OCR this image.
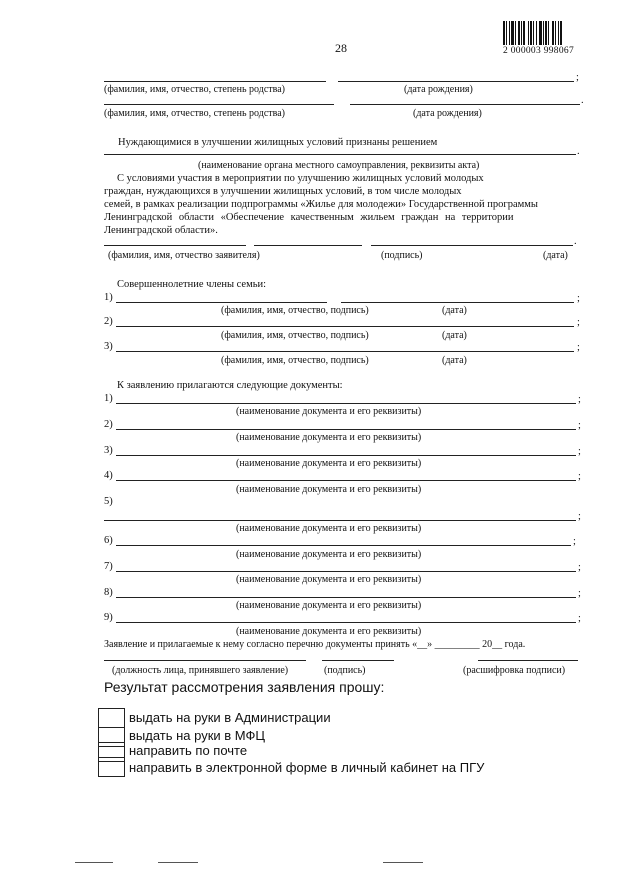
28	2 000003 998067
;
(фамилия, имя, отчество, степень родства)	(дата рождения)
.
(фамилия, имя, отчество, степень родства)	(дата рождения)
Нуждающимися в улучшении жилищных условий признаны решением
.
(наименование органа местного самоуправления, реквизиты акта)
С условиями участия в мероприятии по улучшению жилищных условий молодых
граждан, нуждающихся в улучшении жилищных условий, в том числе молодых
семей, в рамках реализации подпрограммы «Жилье для молодежи» Государственной программы
Ленинградской области «Обеспечение качественным жильем граждан на территории
Ленинградской области».
.
(фамилия, имя, отчество заявителя)	(подпись)	(дата)
Совершеннолетние члены семьи:
1)	;
(фамилия, имя, отчество, подпись)	(дата)
2)	;
(фамилия, имя, отчество, подпись)	(дата)
3)	;
(фамилия, имя, отчество, подпись)	(дата)
К заявлению прилагаются следующие документы:
1)	;
(наименование документа и его реквизиты)
2)	;
(наименование документа и его реквизиты)
3)	;
(наименование документа и его реквизиты)
4)	;
(наименование документа и его реквизиты)
5)
;
(наименование документа и его реквизиты)
6)	;
(наименование документа и его реквизиты)
7)	;
(наименование документа и его реквизиты)
8)	;
(наименование документа и его реквизиты)
9)	;
(наименование документа и его реквизиты)
Заявление и прилагаемые к нему согласно перечню документы принять «__» _________ 20__ года.
(должность лица, принявшего заявление)	(подпись)	(расшифровка подписи)
Результат рассмотрения заявления прошу:
выдать на руки в Администрации
выдать на руки в МФЦ
направить по почте
направить в электронной форме в личный кабинет на ПГУ
